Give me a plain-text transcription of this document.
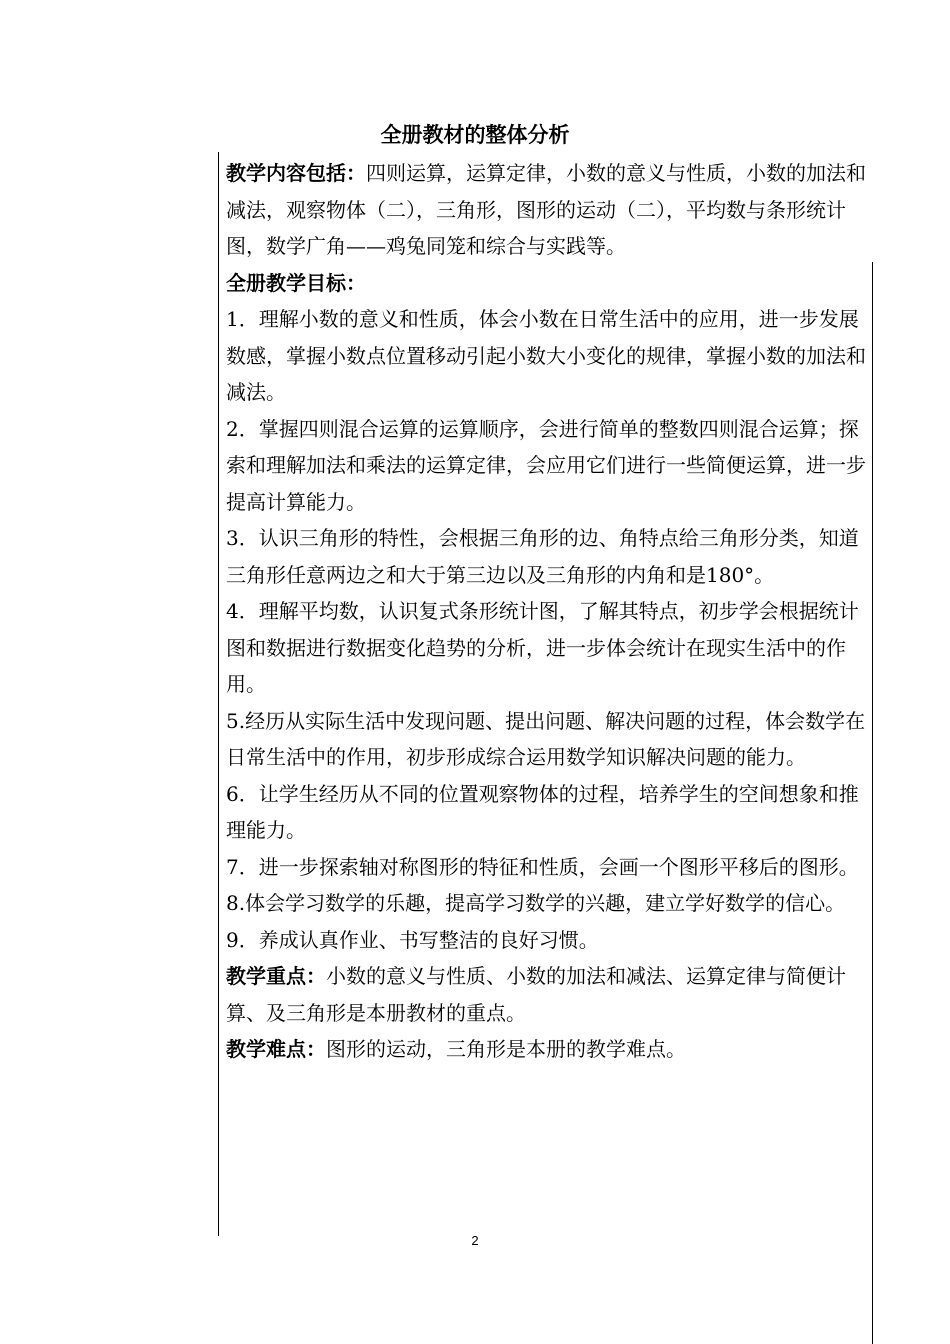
全册教材的整体分析

教学内容包括：四则运算，运算定律，小数的意义与性质，小数的加法和减法，观察物体（二），三角形，图形的运动（二），平均数与条形统计图，数学广角——鸡兔同笼和综合与实践等。

全册教学目标：

1．理解小数的意义和性质，体会小数在日常生活中的应用，进一步发展数感，掌握小数点位置移动引起小数大小变化的规律，掌握小数的加法和减法。

2．掌握四则混合运算的运算顺序，会进行简单的整数四则混合运算；探索和理解加法和乘法的运算定律，会应用它们进行一些简便运算，进一步提高计算能力。

3．认识三角形的特性，会根据三角形的边、角特点给三角形分类，知道三角形任意两边之和大于第三边以及三角形的内角和是180°。

4．理解平均数，认识复式条形统计图，了解其特点，初步学会根据统计图和数据进行数据变化趋势的分析，进一步体会统计在现实生活中的作用。

5.经历从实际生活中发现问题、提出问题、解决问题的过程，体会数学在日常生活中的作用，初步形成综合运用数学知识解决问题的能力。

6．让学生经历从不同的位置观察物体的过程，培养学生的空间想象和推理能力。

7．进一步探索轴对称图形的特征和性质，会画一个图形平移后的图形。

8.体会学习数学的乐趣，提高学习数学的兴趣，建立学好数学的信心。

9．养成认真作业、书写整洁的良好习惯。

教学重点：小数的意义与性质、小数的加法和减法、运算定律与简便计算、及三角形是本册教材的重点。

教学难点：图形的运动，三角形是本册的教学难点。

2
